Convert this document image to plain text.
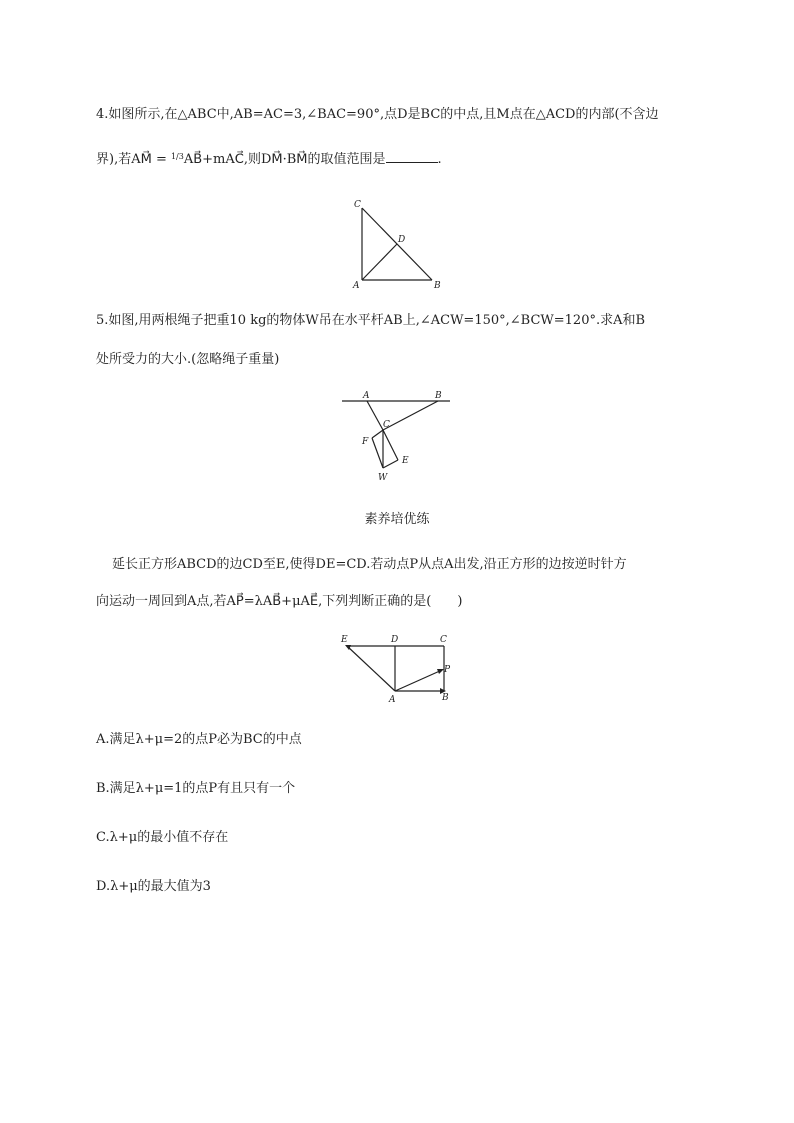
4.如图所示,在△ABC中,AB=AC=3,∠BAC=90°,点D是BC的中点,且M点在△ACD的内部(不含边
界),若AM⃗ = $^{1/3}$AB⃗+mAC⃗,则DM⃗·BM⃗的取值范围是	.
C
D
A	B
5.如图,用两根绳子把重10 kg的物体W吊在水平杆AB上,∠ACW=150°,∠BCW=120°.求A和B
处所受力的大小.(忽略绳子重量)
A	B
C
F
E
W
素养培优练
延长正方形ABCD的边CD至E,使得DE=CD.若动点P从点A出发,沿正方形的边按逆时针方
向运动一周回到A点,若AP⃗=λAB⃗+μAE⃗,下列判断正确的是(　　)
E	D	C
P
A	B
A.满足λ+μ=2的点P必为BC的中点
B.满足λ+μ=1的点P有且只有一个
C.λ+μ的最小值不存在
D.λ+μ的最大值为3
